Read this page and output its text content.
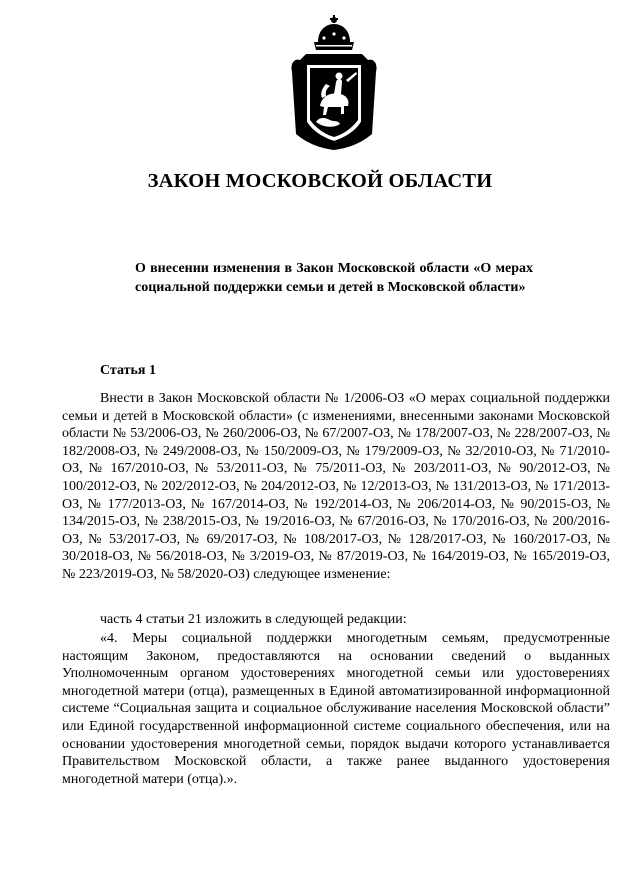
ЗАКОН МОСКОВСКОЙ ОБЛАСТИ
О внесении изменения в Закон Московской области «О мерах социальной поддержки семьи и детей в Московской области»
Статья 1

Внести в Закон Московской области № 1/2006-ОЗ «О мерах социальной поддержки семьи и детей в Московской области» (с изменениями, внесенными законами Московской области № 53/2006-ОЗ, № 260/2006-ОЗ, № 67/2007-ОЗ, № 178/2007-ОЗ, № 228/2007-ОЗ, № 182/2008-ОЗ, № 249/2008-ОЗ, № 150/2009-ОЗ, № 179/2009-ОЗ, № 32/2010-ОЗ, № 71/2010-ОЗ, № 167/2010-ОЗ, № 53/2011-ОЗ, № 75/2011-ОЗ, № 203/2011-ОЗ, № 90/2012-ОЗ, № 100/2012-ОЗ, № 202/2012-ОЗ, № 204/2012-ОЗ, № 12/2013-ОЗ, № 131/2013-ОЗ, № 171/2013-ОЗ, № 177/2013-ОЗ, № 167/2014-ОЗ, № 192/2014-ОЗ, № 206/2014-ОЗ, № 90/2015-ОЗ, № 134/2015-ОЗ, № 238/2015-ОЗ, № 19/2016-ОЗ, № 67/2016-ОЗ, № 170/2016-ОЗ, № 200/2016-ОЗ, № 53/2017-ОЗ, № 69/2017-ОЗ, № 108/2017-ОЗ, № 128/2017-ОЗ, № 160/2017-ОЗ, № 30/2018-ОЗ, № 56/2018-ОЗ, № 3/2019-ОЗ, № 87/2019-ОЗ, № 164/2019-ОЗ, № 165/2019-ОЗ, № 223/2019-ОЗ, № 58/2020-ОЗ) следующее изменение:

часть 4 статьи 21 изложить в следующей редакции:

«4. Меры социальной поддержки многодетным семьям, предусмотренные настоящим Законом, предоставляются на основании сведений о выданных Уполномоченным органом удостоверениях многодетной семьи или удостоверениях многодетной матери (отца), размещенных в Единой автоматизированной информационной системе “Социальная защита и социальное обслуживание населения Московской области” или Единой государственной информационной системе социального обеспечения, или на основании удостоверения многодетной семьи, порядок выдачи которого устанавливается Правительством Московской области, а также ранее выданного удостоверения многодетной матери (отца).».
